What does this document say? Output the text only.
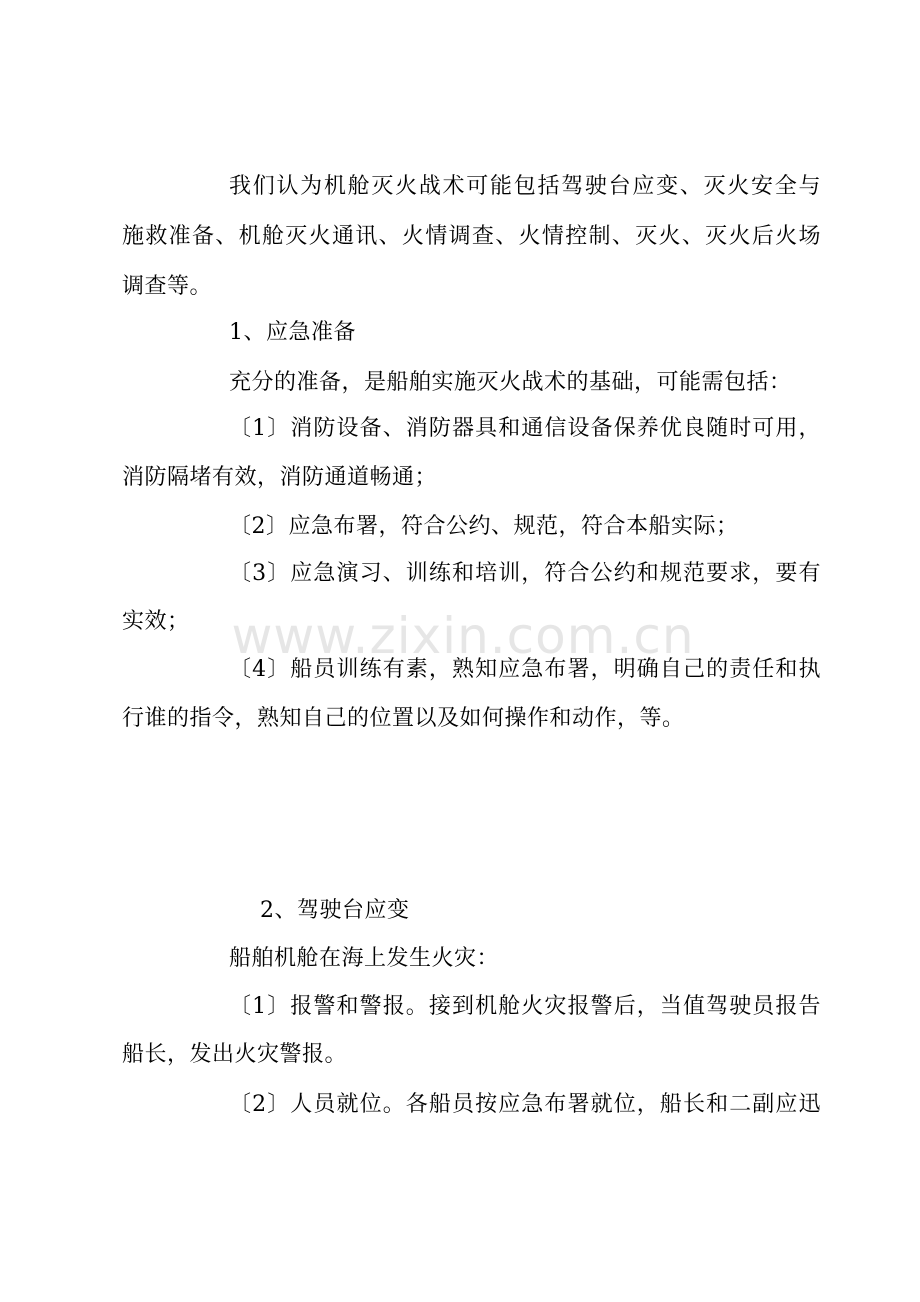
我们认为机舱灭火战术可能包括驾驶台应变、灭火安全与
施救准备、机舱灭火通讯、火情调查、火情控制、灭火、灭火后火场
调查等。
1、应急准备
充分的准备，是船舶实施灭火战术的基础，可能需包括：
〔1〕消防设备、消防器具和通信设备保养优良随时可用，
消防隔堵有效，消防通道畅通；
〔2〕应急布署，符合公约、规范，符合本船实际；
〔3〕应急演习、训练和培训，符合公约和规范要求，要有
实效；
〔4〕船员训练有素，熟知应急布署，明确自己的责任和执
行谁的指令，熟知自己的位置以及如何操作和动作，等。
2、驾驶台应变
船舶机舱在海上发生火灾：
〔1〕报警和警报。接到机舱火灾报警后，当值驾驶员报告
船长，发出火灾警报。
〔2〕人员就位。各船员按应急布署就位，船长和二副应迅
www.zixin.com.cn
